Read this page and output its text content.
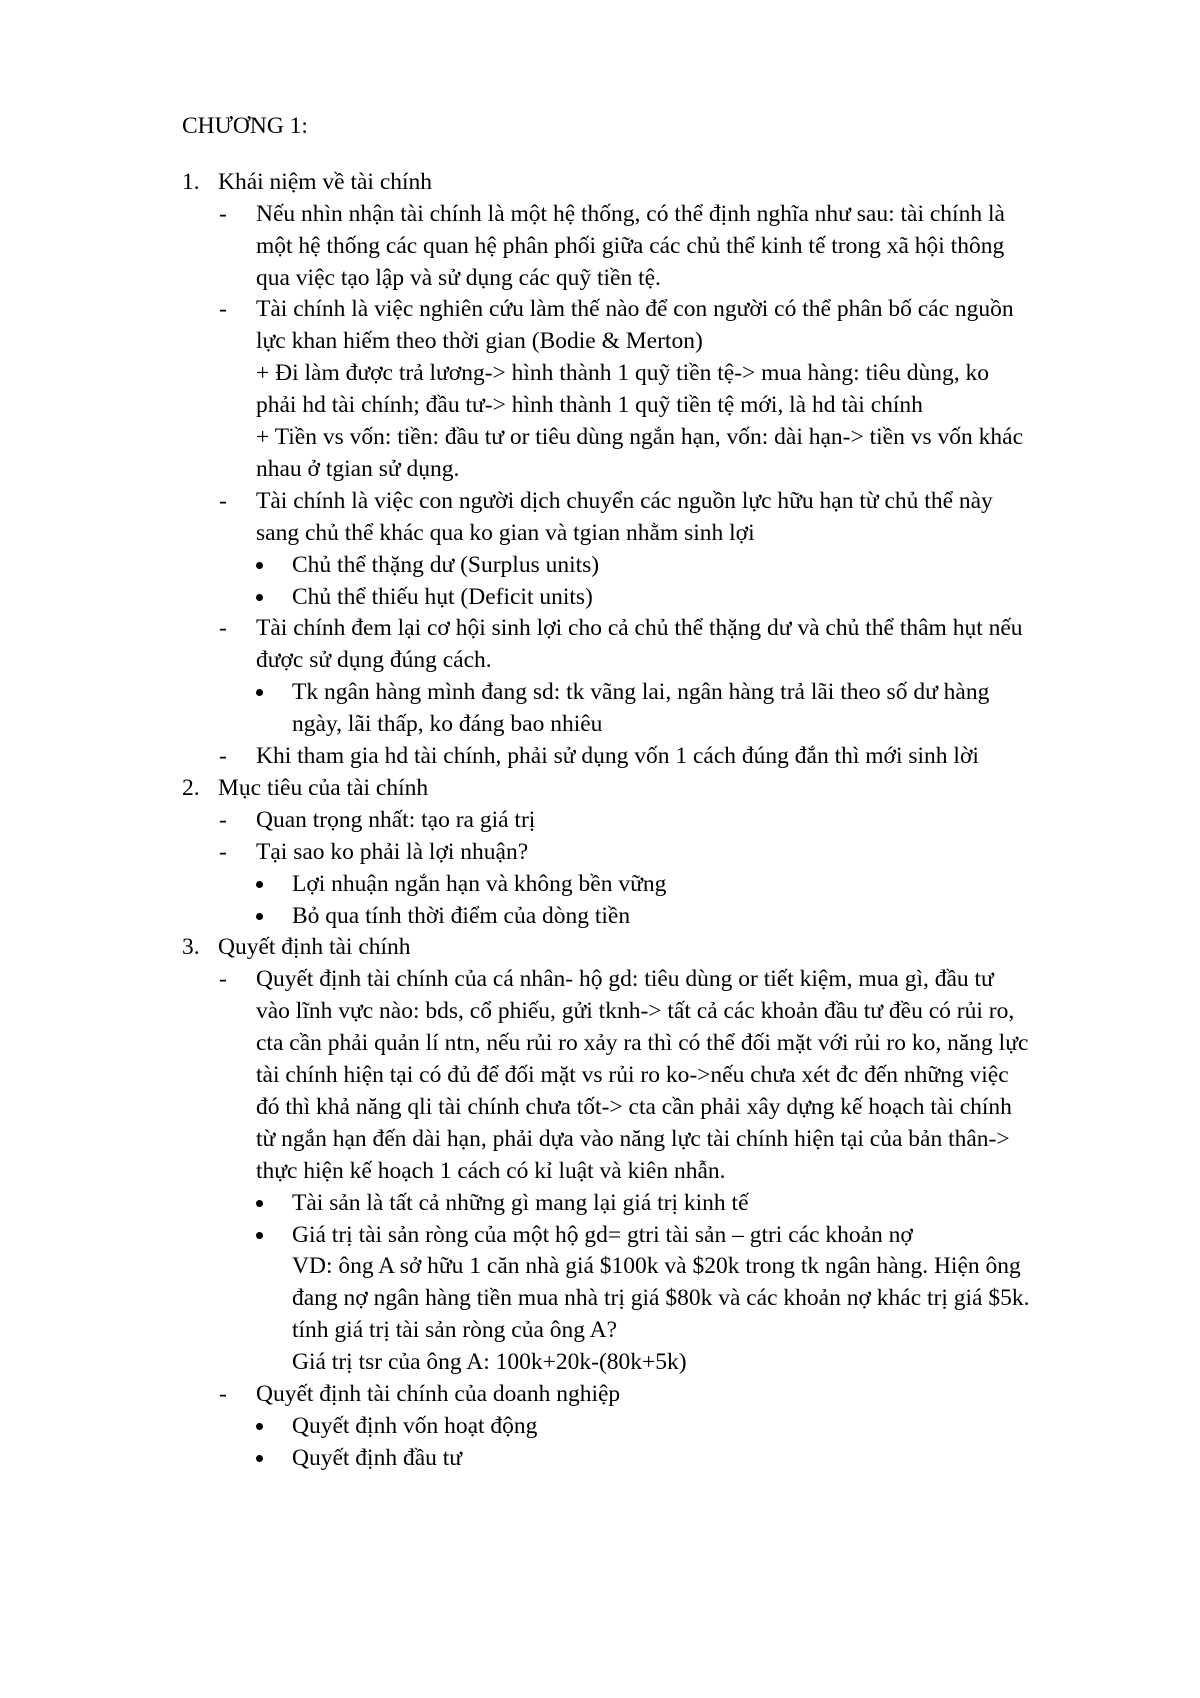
CHƯƠNG 1:
1. Khái niệm về tài chính
- Nếu nhìn nhận tài chính là một hệ thống, có thể định nghĩa như sau: tài chính là
một hệ thống các quan hệ phân phối giữa các chủ thể kinh tế trong xã hội thông
qua việc tạo lập và sử dụng các quỹ tiền tệ.
- Tài chính là việc nghiên cứu làm thế nào để con người có thể phân bố các nguồn
lực khan hiếm theo thời gian (Bodie & Merton)
+ Đi làm được trả lương-> hình thành 1 quỹ tiền tệ-> mua hàng: tiêu dùng, ko
phải hd tài chính; đầu tư-> hình thành 1 quỹ tiền tệ mới, là hd tài chính
+ Tiền vs vốn: tiền: đầu tư or tiêu dùng ngắn hạn, vốn: dài hạn-> tiền vs vốn khác
nhau ở tgian sử dụng.
- Tài chính là việc con người dịch chuyển các nguồn lực hữu hạn từ chủ thể này
sang chủ thể khác qua ko gian và tgian nhằm sinh lợi
Chủ thể thặng dư (Surplus units)
Chủ thể thiếu hụt (Deficit units)
- Tài chính đem lại cơ hội sinh lợi cho cả chủ thể thặng dư và chủ thể thâm hụt nếu
được sử dụng đúng cách.
Tk ngân hàng mình đang sd: tk vãng lai, ngân hàng trả lãi theo số dư hàng
ngày, lãi thấp, ko đáng bao nhiêu
- Khi tham gia hd tài chính, phải sử dụng vốn 1 cách đúng đắn thì mới sinh lời
2. Mục tiêu của tài chính
- Quan trọng nhất: tạo ra giá trị
- Tại sao ko phải là lợi nhuận?
Lợi nhuận ngắn hạn và không bền vững
Bỏ qua tính thời điểm của dòng tiền
3. Quyết định tài chính
- Quyết định tài chính của cá nhân- hộ gd: tiêu dùng or tiết kiệm, mua gì, đầu tư
vào lĩnh vực nào: bds, cổ phiếu, gửi tknh-> tất cả các khoản đầu tư đều có rủi ro,
cta cần phải quản lí ntn, nếu rủi ro xảy ra thì có thể đối mặt với rủi ro ko, năng lực
tài chính hiện tại có đủ để đối mặt vs rủi ro ko->nếu chưa xét đc đến những việc
đó thì khả năng qli tài chính chưa tốt-> cta cần phải xây dựng kế hoạch tài chính
từ ngắn hạn đến dài hạn, phải dựa vào năng lực tài chính hiện tại của bản thân->
thực hiện kế hoạch 1 cách có kỉ luật và kiên nhẫn.
Tài sản là tất cả những gì mang lại giá trị kinh tế
Giá trị tài sản ròng của một hộ gd= gtri tài sản – gtri các khoản nợ
VD: ông A sở hữu 1 căn nhà giá $100k và $20k trong tk ngân hàng. Hiện ông
đang nợ ngân hàng tiền mua nhà trị giá $80k và các khoản nợ khác trị giá $5k.
tính giá trị tài sản ròng của ông A?
Giá trị tsr của ông A: 100k+20k-(80k+5k)
- Quyết định tài chính của doanh nghiệp
Quyết định vốn hoạt động
Quyết định đầu tư
